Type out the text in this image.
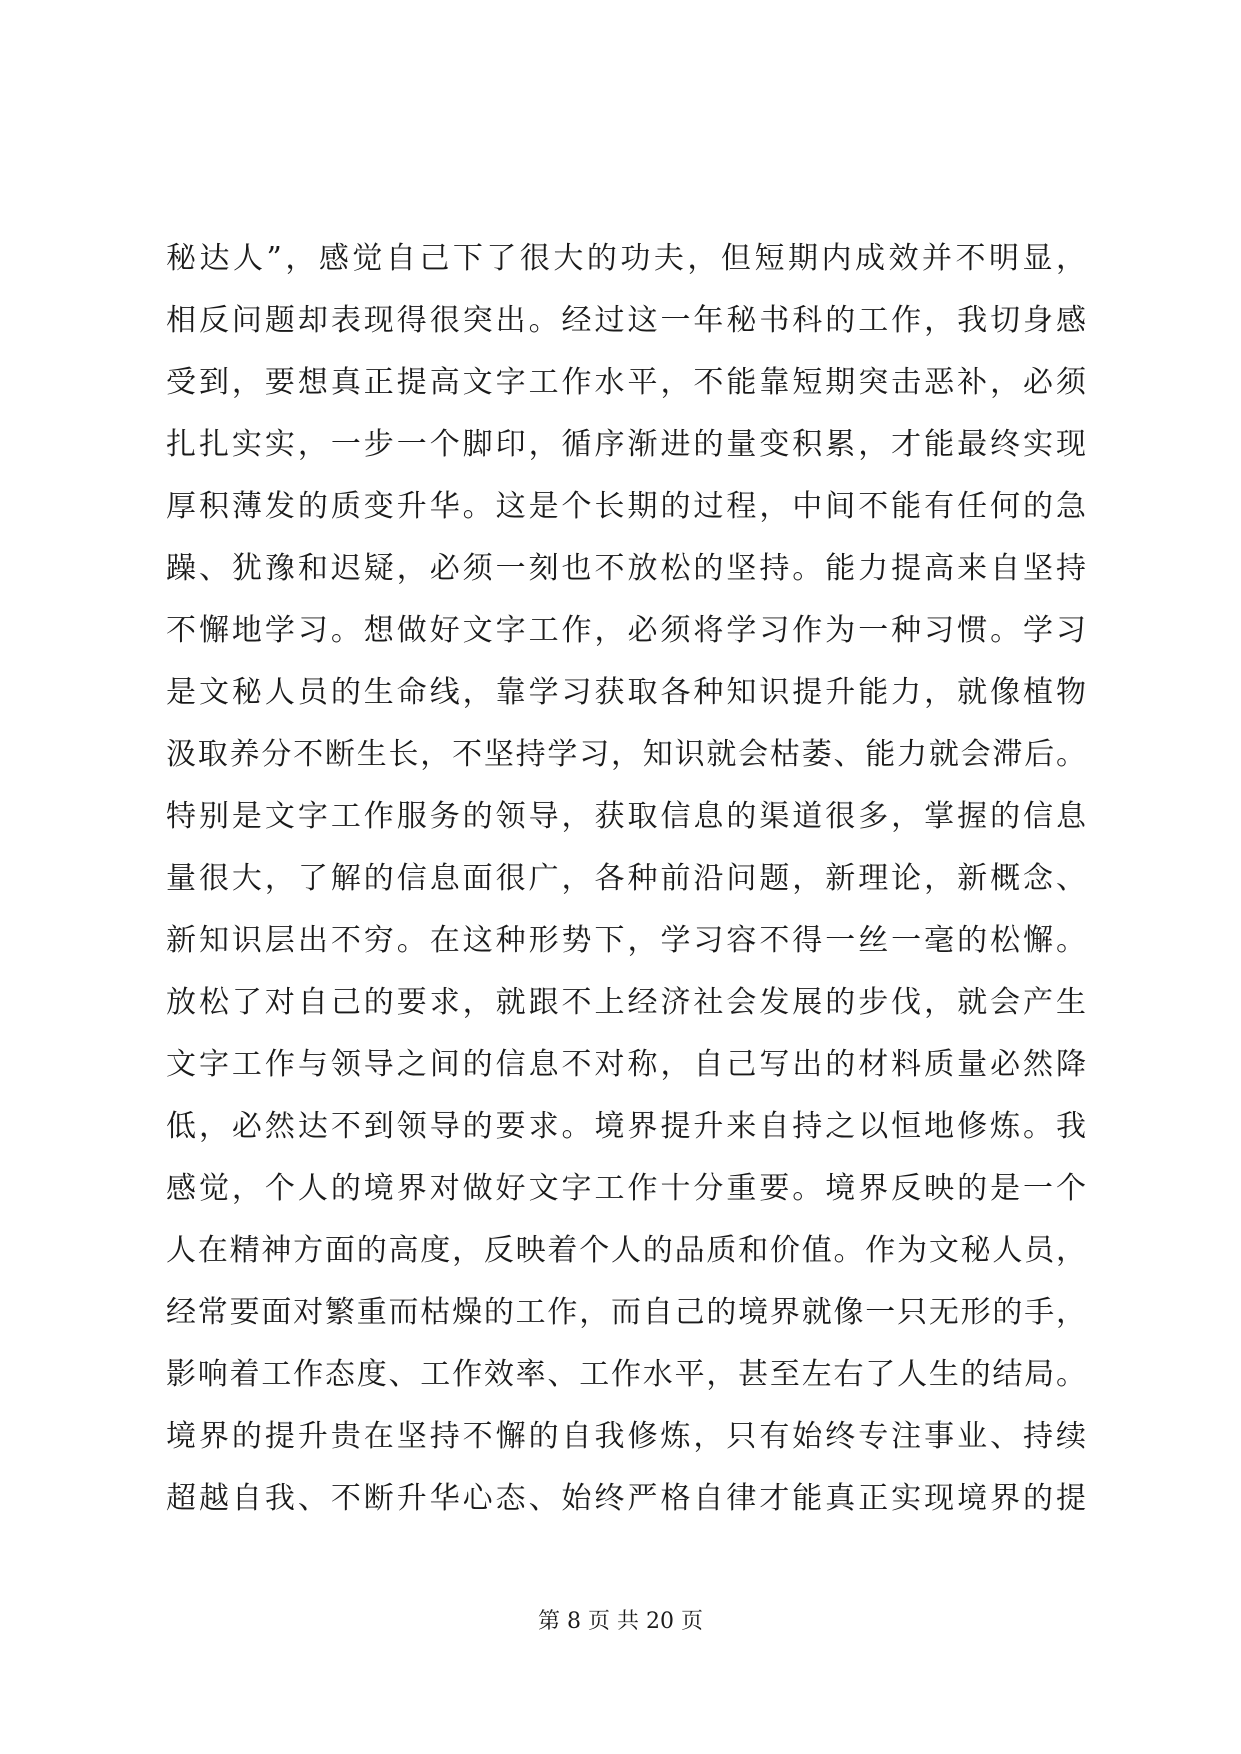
秘达人”，感觉自己下了很大的功夫，但短期内成效并不明显，
相反问题却表现得很突出。经过这一年秘书科的工作，我切身感
受到，要想真正提高文字工作水平，不能靠短期突击恶补，必须
扎扎实实，一步一个脚印，循序渐进的量变积累，才能最终实现
厚积薄发的质变升华。这是个长期的过程，中间不能有任何的急
躁、犹豫和迟疑，必须一刻也不放松的坚持。能力提高来自坚持
不懈地学习。想做好文字工作，必须将学习作为一种习惯。学习
是文秘人员的生命线，靠学习获取各种知识提升能力，就像植物
汲取养分不断生长，不坚持学习，知识就会枯萎、能力就会滞后。
特别是文字工作服务的领导，获取信息的渠道很多，掌握的信息
量很大，了解的信息面很广，各种前沿问题，新理论，新概念、
新知识层出不穷。在这种形势下，学习容不得一丝一毫的松懈。
放松了对自己的要求，就跟不上经济社会发展的步伐，就会产生
文字工作与领导之间的信息不对称，自己写出的材料质量必然降
低，必然达不到领导的要求。境界提升来自持之以恒地修炼。我
感觉，个人的境界对做好文字工作十分重要。境界反映的是一个
人在精神方面的高度，反映着个人的品质和价值。作为文秘人员，
经常要面对繁重而枯燥的工作，而自己的境界就像一只无形的手，
影响着工作态度、工作效率、工作水平，甚至左右了人生的结局。
境界的提升贵在坚持不懈的自我修炼，只有始终专注事业、持续
超越自我、不断升华心态、始终严格自律才能真正实现境界的提
第 8 页 共 20 页
